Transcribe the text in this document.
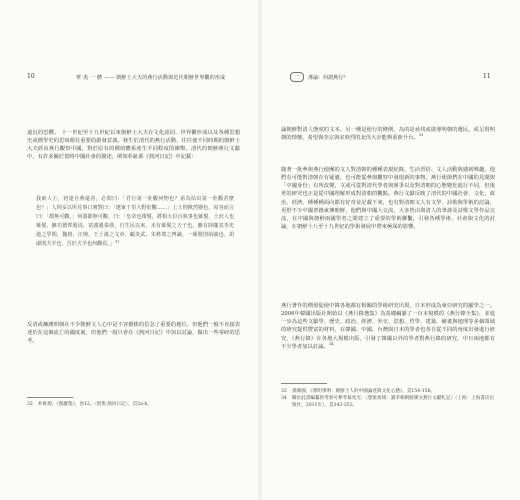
10	華 夷 一 體 —— 朝鮮士大夫的燕行活動與近代朝鮮世界觀的形成

還沉的恐懼。 十一世紀至十九世紀以來朝鮮士大夫在文化認同、世界觀形成以及各種思想史或價學史的思辯都有重要的啟發意義，發生於清代的燕行活動，往往使不同時期的朝鮮士大夫經由燕行觀察中國，對於原有的價值體系產生不同程度的衝擊。清代的朝鮮燕行文獻中，有許多關於當時中國社會的描述，例如朴趾源《熱河日記》中記載：

我東人士，初逢自燕還者，必問曰：「君行第一壯觀何物也？第為拈出第一壯觀甚麼也？」人則多以所見事口實對曰：「遼東千里大野壯觀……」上士則愀然變色，易容而言曰：「都無可觀。」何謂都無可觀，曰：「皇帝也薙髮，將相大臣百執事也薙髮，士庶人也薙髮，雖功德侔殷周，富強邁秦漢，自生民以來，未有薙髮之天子也。雖有陸隴其李光地之學問，魏禧、汪琬、王士禛之文章，顧炎武、朱彝尊之博識，一薙髮則胡虜也。胡虜則犬羊也，吾於犬羊也何觀焉。」$^{32}$

反清或擁護明朝在不少朝鮮文人心中是不容撼搖的信念了重要的地位，但他們一般不直接表達於在這個流亡的國度裏，但他們一般只會在《熱河日記》中加以討論，做出一些零碎的思考。

32	朴趾源，《燕巖集》，卷12，〈別集·熱河日記〉，頁2a-b。
一	導論：何謂燕行？	11

論朝鮮對清人態度的文本，另一種是使行的條例，為的是尋找或啟導明朝的遺民，或呈現明朝的情懷，希望與李宗與宋時烈的北伐大計能夠重新升台。$^{33}$

隨著一批參與燕行使團的文人對清朝的種種表現紀錄，生活習俗、文人活動與感到興趣，他們有可能對清朝存有疑慮，也可能從參與觀察中發現新的事物。燕行使節們在中國的見聞與「中國身份」有所改變，文或可從對清代學者與黨爭以及對清朝的心態變化進行不同，但後世的研究也正是從中國理解形成對清朝的觀點。燕行文獻反映了清代的中國社會，文化，政治，經濟，種種種面向都有好奇並記載下來，也有對清朝文人有文學，詩歌與學術的討論，更舒不少中國書籍東傳朝鮮，他們與中國人交流，大多皆由與清人的筆談及詩歌文學作品交流，在中國與朝鮮兩國學者之間建立了重要的學術聯繫，引發各種學術、社會與文化的討論，在朝鮮十八至十九世紀的學術發展中帶來極深的影響。

燕行著作的價值促使中韓各地都有相關的學術研究出現，日本形成為東亞研究的顯學之一。2006年韓國出版社開始以《燕行錄選集》為基礎編纂了一百本規模的《燕行錄全集》，並進一步為這些文獻學、歷史、政治、經濟、外交、思想、哲學、建築、繪畫與地理等多個領域的研究提供豐富的材料，在韓國、中國、台灣與日本的學者也各自從不同的角度出發進行研究，《燕行錄》在各地大規模出版，引發了韓國以外的學者對燕行錄的研究，中日兩地都有不少學者加以討論。$^{34}$

33	孫衛國，《尊明事明：朝鮮士人的中國論述與文化心態》，頁154-156。
34	關於此書編纂的考察可參考葛兆光：〈想象異域：讀李朝朝鮮漢文燕行文獻札記〉（上海：上海書店出版社，2011年），頁343-353。
